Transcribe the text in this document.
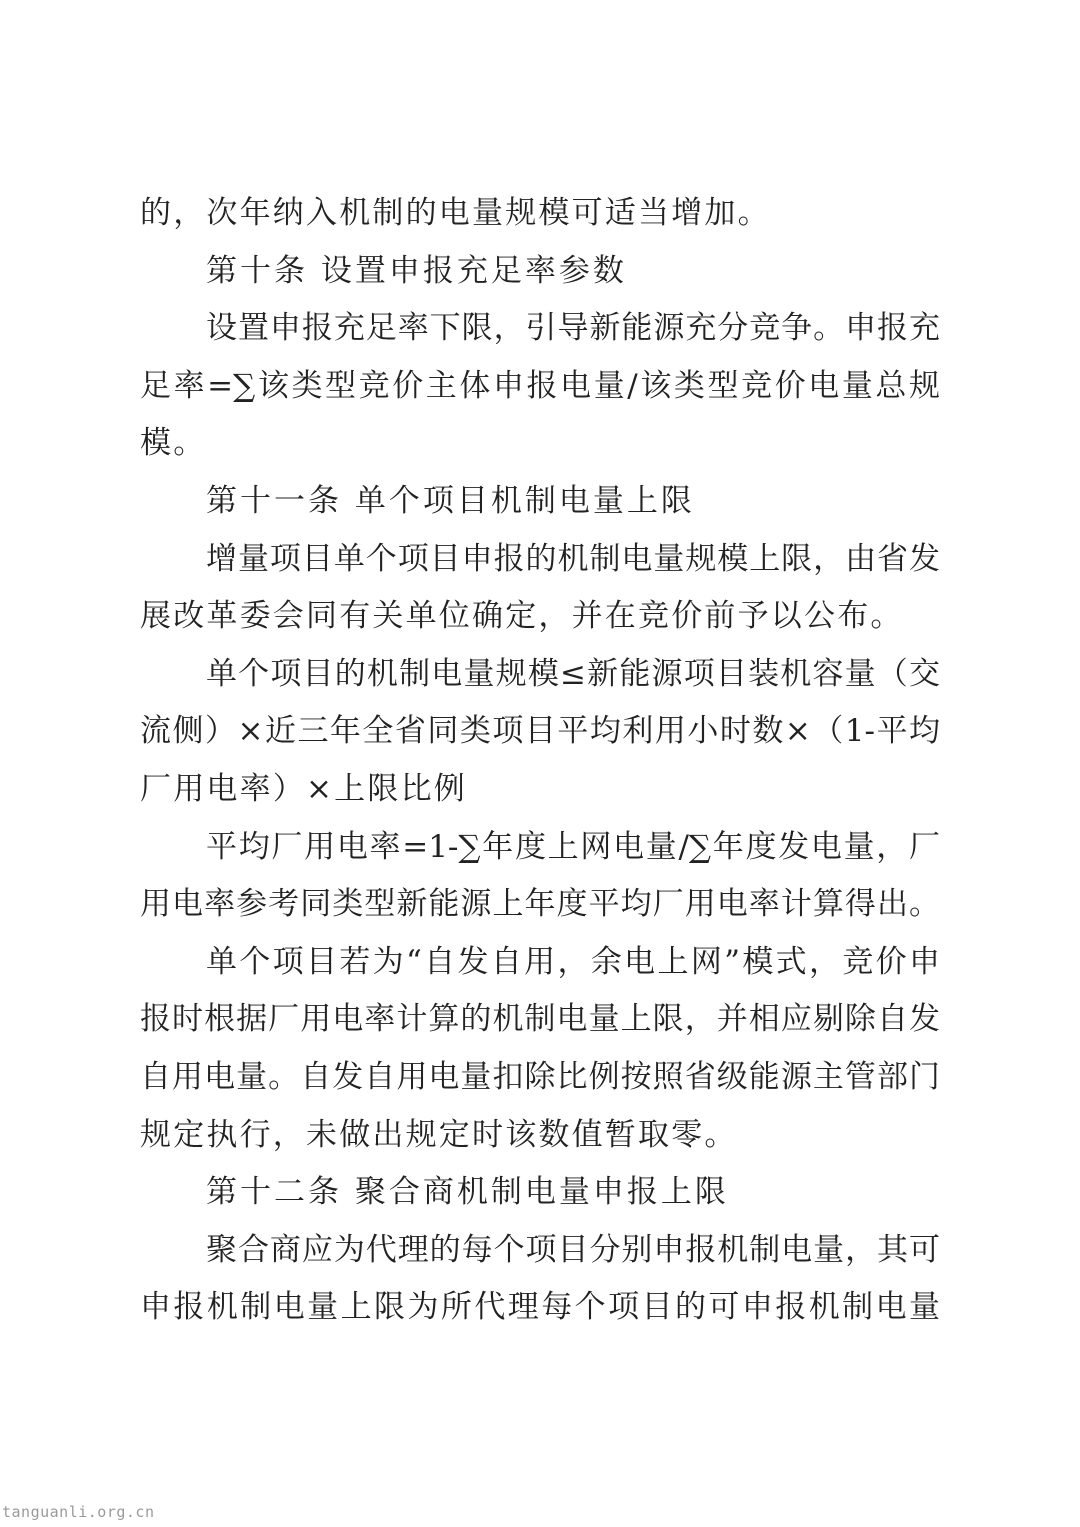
的，次年纳入机制的电量规模可适当增加。
第十条 设置申报充足率参数
设置申报充足率下限，引导新能源充分竞争。申报充
足率=∑该类型竞价主体申报电量/该类型竞价电量总规
模。
第十一条 单个项目机制电量上限
增量项目单个项目申报的机制电量规模上限，由省发
展改革委会同有关单位确定，并在竞价前予以公布。
单个项目的机制电量规模≤新能源项目装机容量（交
流侧）×近三年全省同类项目平均利用小时数×（1-平均
厂用电率）×上限比例
平均厂用电率=1-∑年度上网电量/∑年度发电量，厂
用电率参考同类型新能源上年度平均厂用电率计算得出。
单个项目若为“自发自用，余电上网”模式，竞价申
报时根据厂用电率计算的机制电量上限，并相应剔除自发
自用电量。自发自用电量扣除比例按照省级能源主管部门
规定执行，未做出规定时该数值暂取零。
第十二条 聚合商机制电量申报上限
聚合商应为代理的每个项目分别申报机制电量，其可
申报机制电量上限为所代理每个项目的可申报机制电量
tanguanli.org.cn
